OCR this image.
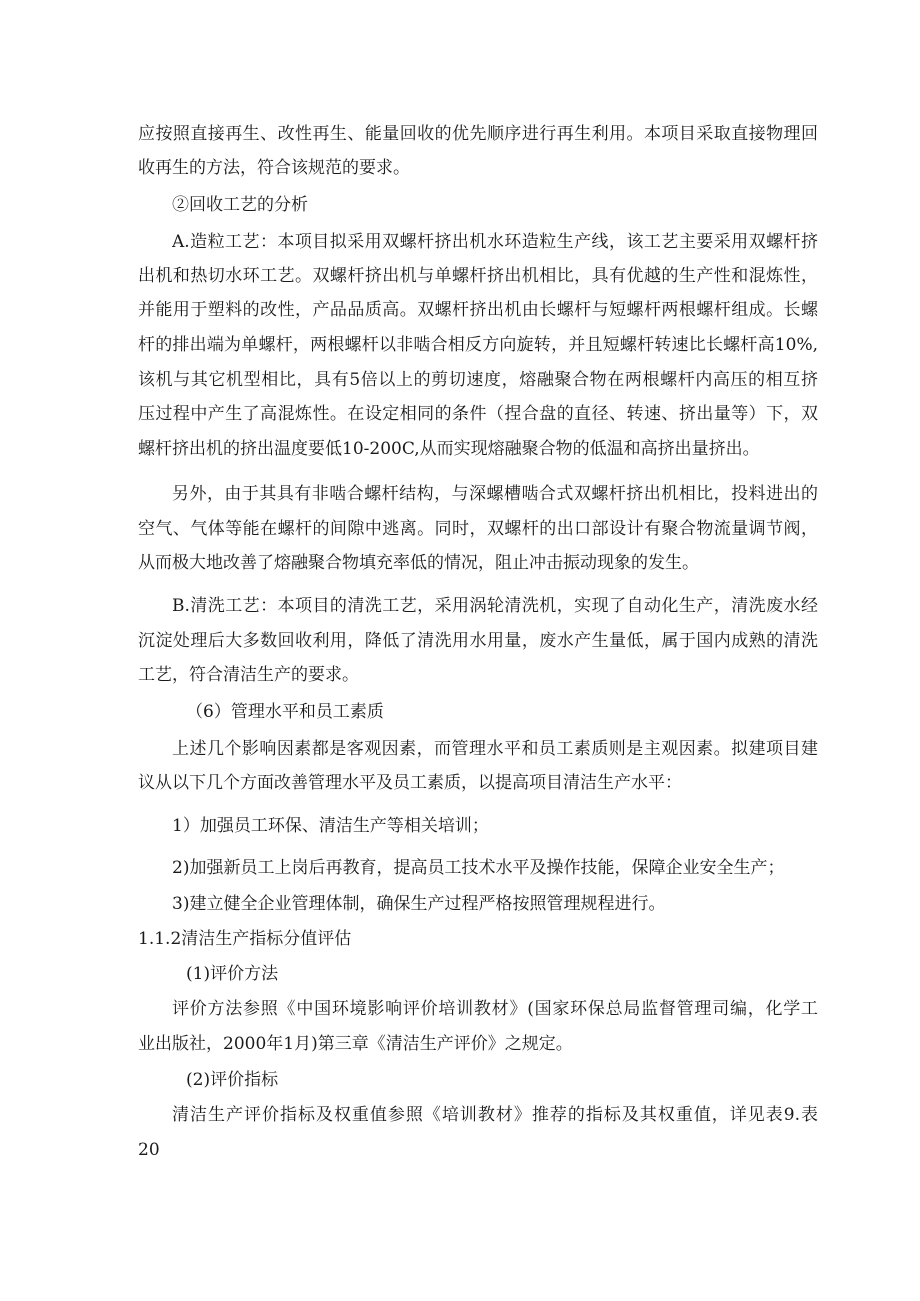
应按照直接再生、改性再生、能量回收的优先顺序进行再生利用。本项目采取直接物理回

收再生的方法，符合该规范的要求。

②回收工艺的分析

A.造粒工艺：本项目拟采用双螺杆挤出机水环造粒生产线，该工艺主要采用双螺杆挤

出机和热切水环工艺。双螺杆挤出机与单螺杆挤出机相比，具有优越的生产性和混炼性，

并能用于塑料的改性，产品品质高。双螺杆挤出机由长螺杆与短螺杆两根螺杆组成。长螺

杆的排出端为单螺杆，两根螺杆以非啮合相反方向旋转，并且短螺杆转速比长螺杆高10%,

该机与其它机型相比，具有5倍以上的剪切速度，熔融聚合物在两根螺杆内高压的相互挤

压过程中产生了高混炼性。在设定相同的条件（捏合盘的直径、转速、挤出量等）下，双

螺杆挤出机的挤出温度要低10-200C,从而实现熔融聚合物的低温和高挤出量挤出。

另外，由于其具有非啮合螺杆结构，与深螺槽啮合式双螺杆挤出机相比，投料进出的

空气、气体等能在螺杆的间隙中逃离。同时，双螺杆的出口部设计有聚合物流量调节阀，

从而极大地改善了熔融聚合物填充率低的情况，阻止冲击振动现象的发生。

B.清洗工艺：本项目的清洗工艺，采用涡轮清洗机，实现了自动化生产，清洗废水经

沉淀处理后大多数回收利用，降低了清洗用水用量，废水产生量低，属于国内成熟的清洗

工艺，符合清洁生产的要求。

（6）管理水平和员工素质

上述几个影响因素都是客观因素，而管理水平和员工素质则是主观因素。拟建项目建

议从以下几个方面改善管理水平及员工素质，以提高项目清洁生产水平：

1）加强员工环保、清洁生产等相关培训；

2)加强新员工上岗后再教育，提高员工技术水平及操作技能，保障企业安全生产；

3)建立健全企业管理体制，确保生产过程严格按照管理规程进行。

1.1.2清洁生产指标分值评估

(1)评价方法

评价方法参照《中国环境影响评价培训教材》(国家环保总局监督管理司编，化学工

业出版社，2000年1月)第三章《清洁生产评价》之规定。

(2)评价指标

清洁生产评价指标及权重值参照《培训教材》推荐的指标及其权重值，详见表9.表

20
